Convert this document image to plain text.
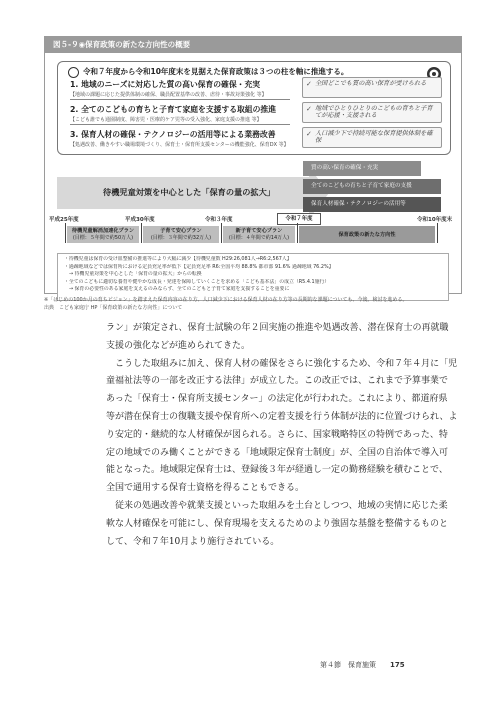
図５-９◉保育政策の新たな方向性の概要
令和７年度から令和10年度末を見据えた保育政策は３つの柱を軸に推進する。
1. 地域のニーズに対応した質の高い保育の確保・充実
【地域の課題に応じた提供体制の確保、職員配置基準の改善、虐待・事故対策強化 等】
2. 全てのこどもの育ちと子育て家庭を支援する取組の推進
【こども誰でも通園制度、障害児・医療的ケア児等の受入強化、家庭支援の推進 等】
3. 保育人材の確保・テクノロジーの活用等による業務改善
【処遇改善、働きやすい職場環境づくり、保育士・保育所支援センターの機能強化、保育DX 等】
✓ 全国どこでも質の高い保育が受けられる
✓ 地域でひとりひとりのこどもの育ちと子育てが応援・支援される
✓ 人口減少下で持続可能な保育提供体制を確保
待機児童対策を中心とした「保育の量の拡大」
質の高い保育の確保・充実
全てのこどもの育ちと子育て家庭の支援
保育人材確保・テクノロジーの活用等
平成25年度	平成30年度	令和３年度	令和７年度	令和10年度末
待機児童解消加速化プラン
(目標：５年間で約50万人)
子育て安心プラン
(目標：３年間で約32万人)
新子育て安心プラン
(目標：４年間で約14万人)	保育政策の新たな方向性
・待機児童は保育の受け皿整備の推進等により大幅に減少【待機児童数 H29:26,081人→R6:2,567人】
・過疎地域などでは保育所における定員充足率が低下【定員充足率 R6:全国平均 88.8% 都市部 91.6% 過疎地域 76.2%】
　→ 待機児童対策を中心とした「保育の量の拡大」からの転換
・全てのこどもに適切な養育や健やかな成長・発達を保障していくことを求める「こども基本法」の成立（R5.4.1施行）
　→ 保育の必要性のある家庭を支えるのみならず、全てのこどもと子育て家庭を支援することを重要に
※「はじめの100か月の育ちビジョン」を踏まえた保育内容の在り方、人口減少下における保育人材の在り方等の長期的な課題についても、今後、検討を進める。
出典　こども家庭庁 HP「保育政策の新たな方向性」について

ラン」が策定され、保育士試験の年２回実施の推進や処遇改善、潜在保育士の再就職
支援の強化などが進められてきた。

　こうした取組みに加え、保育人材の確保をさらに強化するため、令和７年４月に「児
童福祉法等の一部を改正する法律」が成立した。この改正では、これまで予算事業で
あった「保育士・保育所支援センター」の法定化が行われた。これにより、都道府県
等が潜在保育士の復職支援や保育所への定着支援を行う体制が法的に位置づけられ、よ
り安定的・継続的な人材確保が図られる。さらに、国家戦略特区の特例であった、特
定の地域でのみ働くことができる「地域限定保育士制度」が、全国の自治体で導入可
能となった。地域限定保育士は、登録後３年が経過し一定の勤務経験を積むことで、
全国で通用する保育士資格を得ることもできる。

　従来の処遇改善や就業支援といった取組みを土台としつつ、地域の実情に応じた柔
軟な人材確保を可能にし、保育現場を支えるためのより強固な基盤を整備するものと
して、令和７年10月より施行されている。

第４節　保育施策 175
